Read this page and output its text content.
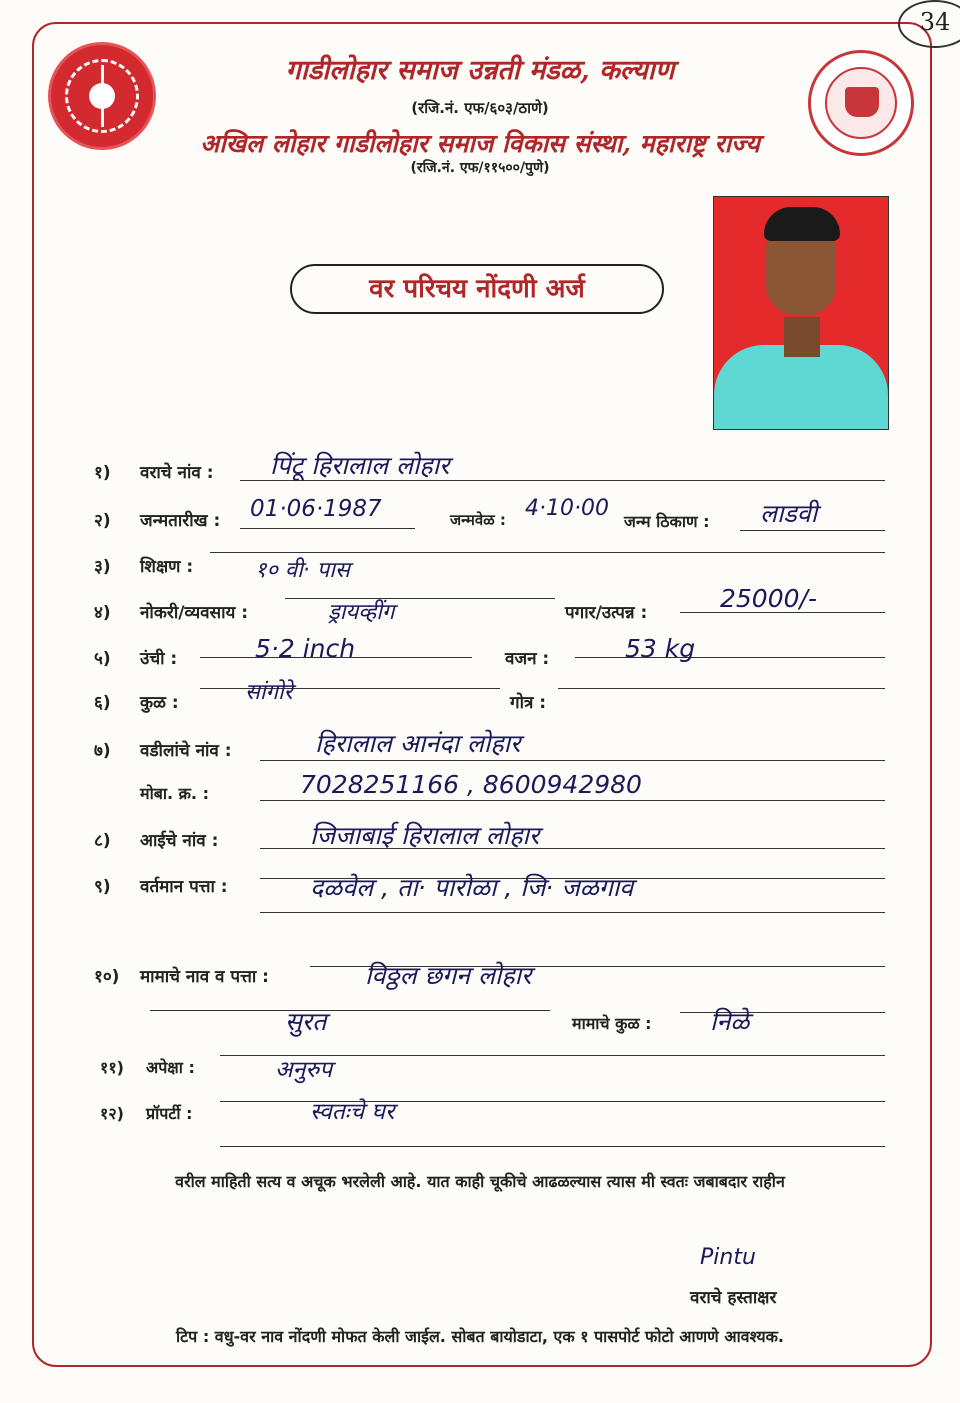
34
गाडीलोहार समाज उन्नती मंडळ, कल्याण
(रजि.नं. एफ/६०३/ठाणे)
अखिल लोहार गाडीलोहार समाज विकास संस्था, महाराष्ट्र राज्य
(रजि.नं. एफ/११५००/पुणे)
वर परिचय नोंदणी अर्ज
१) वराचे नांव : पिंटू हिरालाल लोहार
२) जन्मतारीख : 01·06·1987	जन्मवेळ : 4·10·00
जन्म ठिकाण : लाडवी
३) शिक्षण :	१० वी· पास
४) नोकरी/व्यवसाय :	ड्रायव्हींग	पगार/उत्पन्न :	25000/-
५) उंची :	5·2 inch	वजन :	53 kg
६) कुळ :	सांगोरे	गोत्र :
७) वडीलांचे नांव :	हिरालाल आनंदा लोहार
मोबा. क्र. :	7028251166 , 8600942980
८) आईचे नांव :	जिजाबाई हिरालाल लोहार
९) वर्तमान पत्ता :	दळवेल , ता· पारोळा , जि· जळगाव
१०) मामाचे नाव व पत्ता :	विठ्ठल छगन लोहार
सुरत	मामाचे कुळ : निळे
११) अपेक्षा :	अनुरुप
१२) प्रॉपर्टी :	स्वतःचे घर
वरील माहिती सत्य व अचूक भरलेली आहे. यात काही चूकीचे आढळल्यास त्यास मी स्वतः जबाबदार राहीन
Pintu
वराचे हस्ताक्षर
टिप : वधु-वर नाव नोंदणी मोफत केली जाईल. सोबत बायोडाटा, एक १ पासपोर्ट फोटो आणणे आवश्यक.
